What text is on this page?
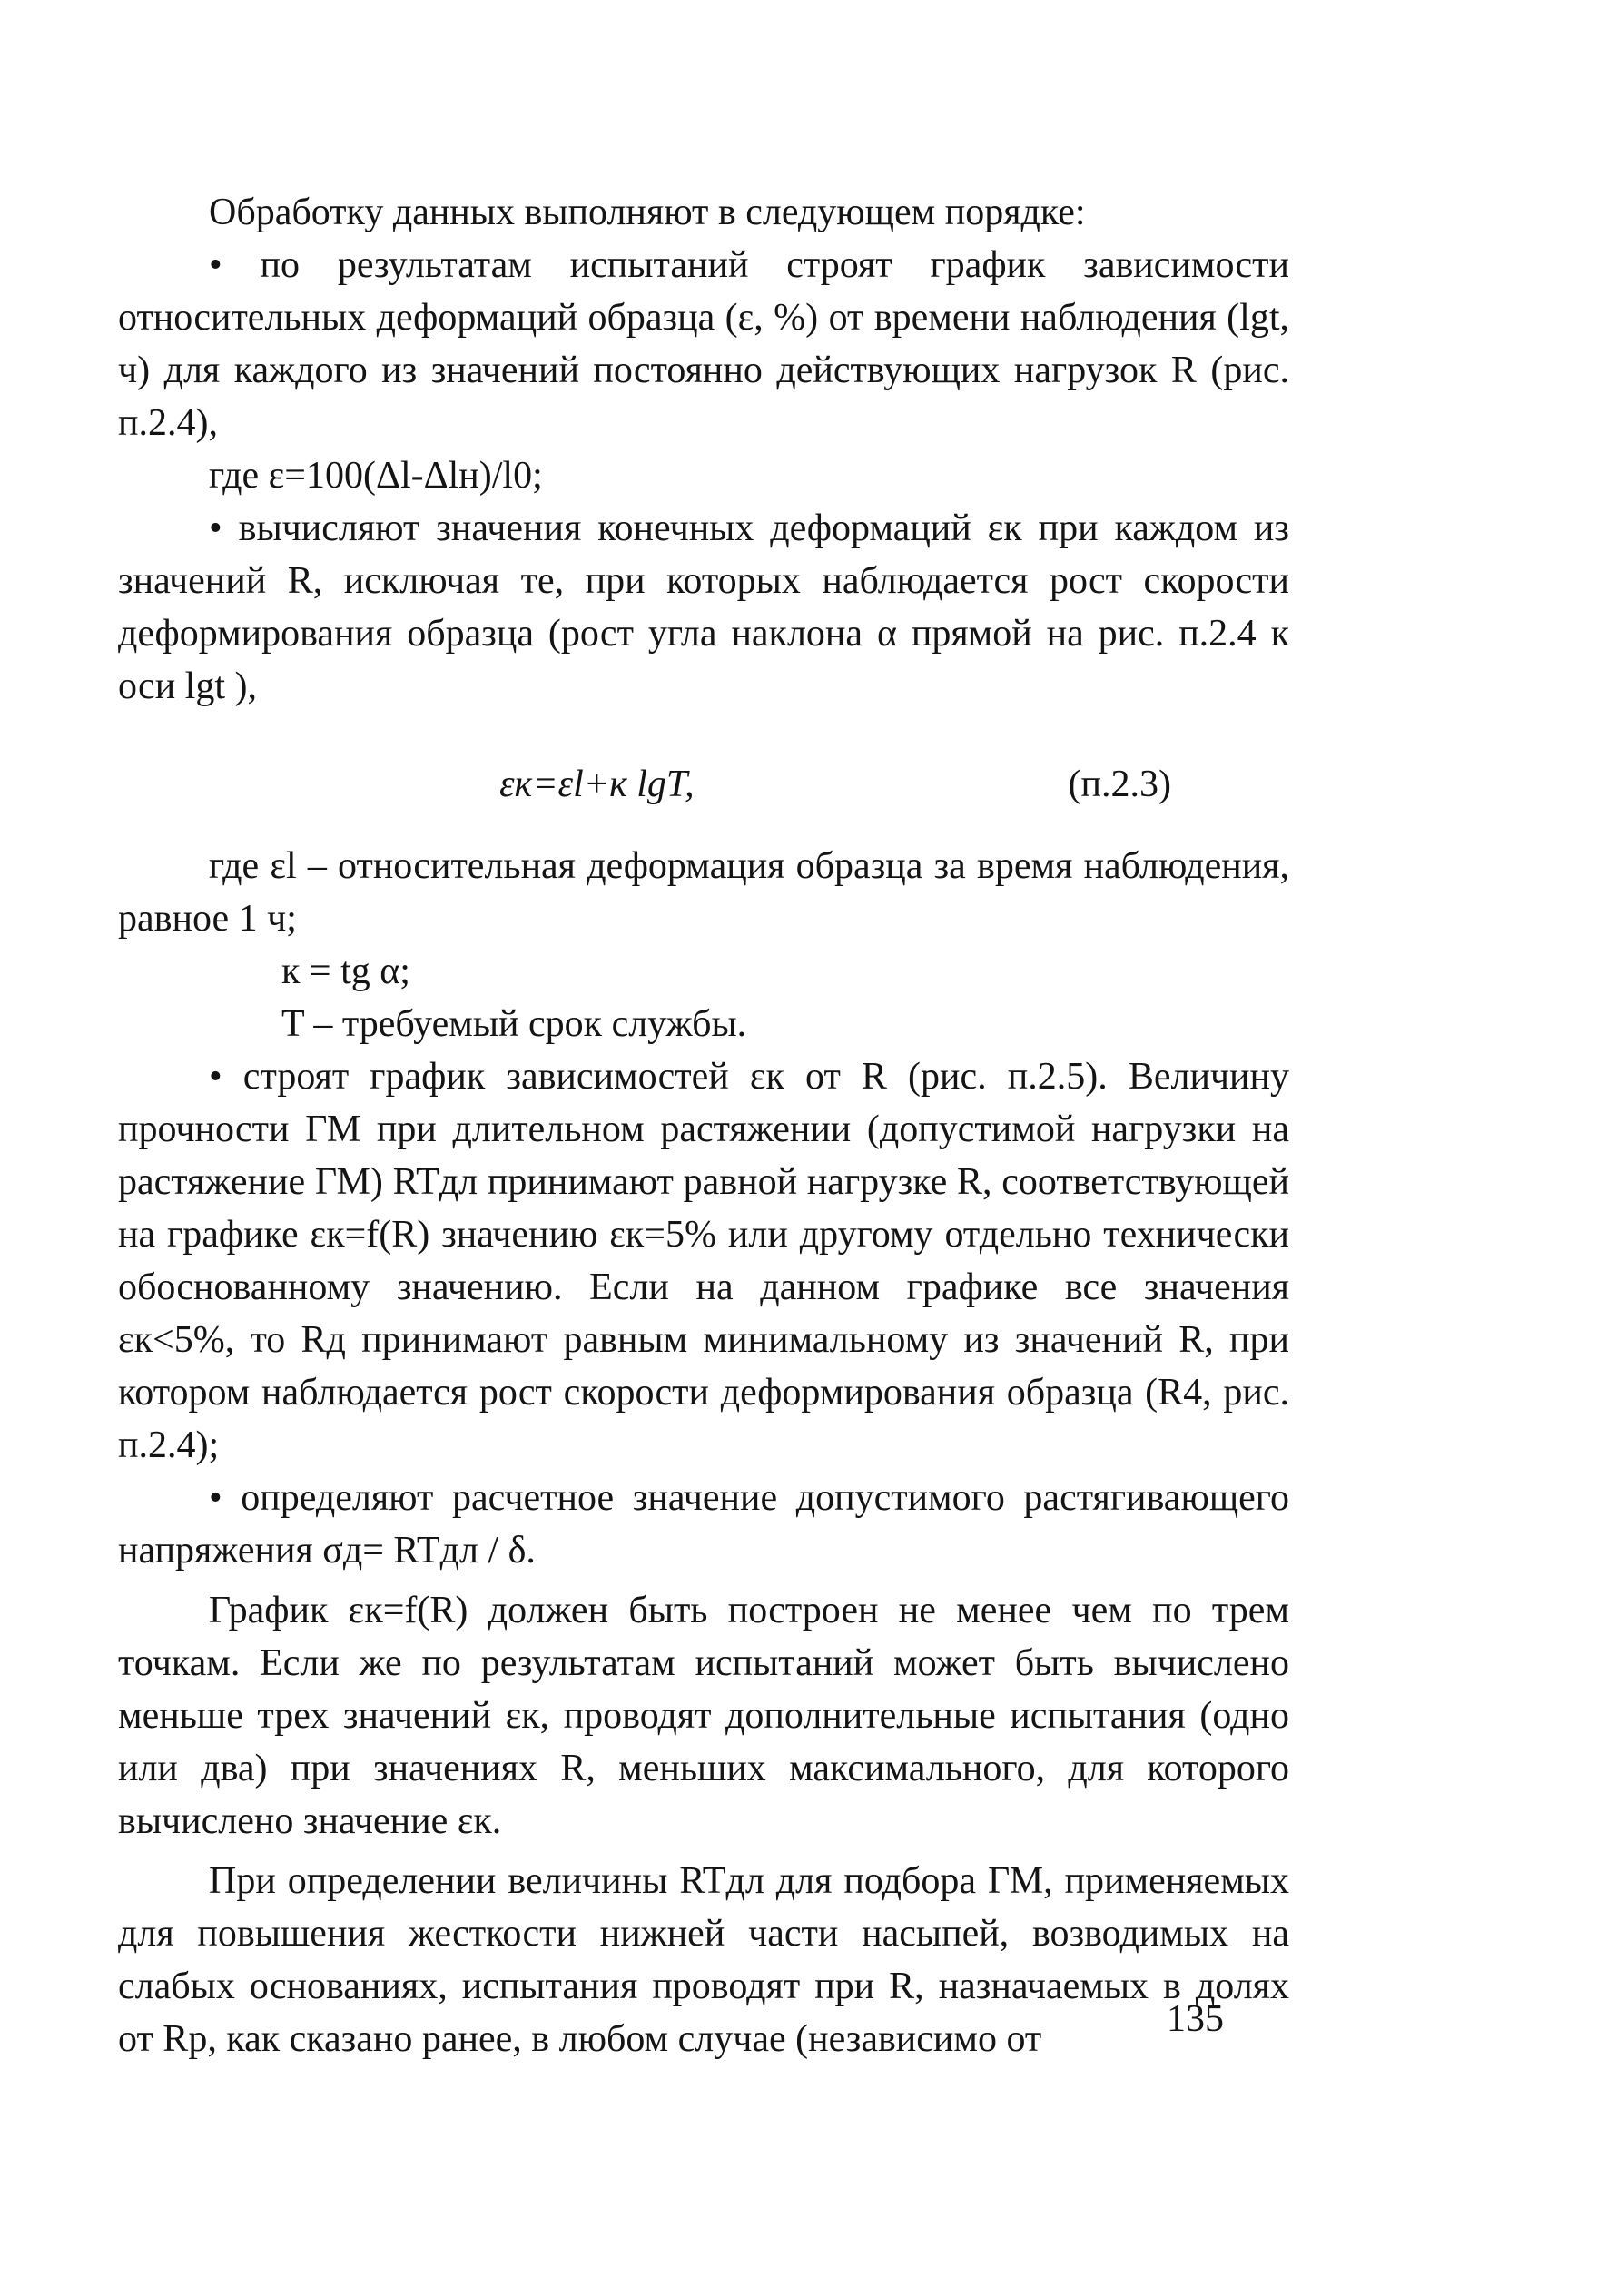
Обработку данных выполняют в следующем порядке:

• по результатам испытаний строят график зависимости относительных деформаций образца (ε, %) от времени наблюдения (lgt, ч) для каждого из значений постоянно действующих нагрузок R (рис. п.2.4),

где ε=100(Δl-Δlн)/l0;

• вычисляют значения конечных деформаций εк при каждом из значений R, исключая те, при которых наблюдается рост скорости деформирования образца (рост угла наклона α прямой на рис. п.2.4 к оси lgt ),

εк=εl+к lgT,	(п.2.3)

где εl – относительная деформация образца за время наблюдения, равное 1 ч;

к = tg α;

T – требуемый срок службы.

• строят график зависимостей εк от R (рис. п.2.5). Величину прочности ГМ при длительном растяжении (допустимой нагрузки на растяжение ГМ) RTдл принимают равной нагрузке R, соответствующей на графике εк=f(R) значению εк=5% или другому отдельно технически обоснованному значению. Если на данном графике все значения εк<5%, то Rд принимают равным минимальному из значений R, при котором наблюдается рост скорости деформирования образца (R4, рис. п.2.4);

• определяют расчетное значение допустимого растягивающего напряжения σд= RTдл / δ.

График εк=f(R) должен быть построен не менее чем по трем точкам. Если же по результатам испытаний может быть вычислено меньше трех значений εк, проводят дополнительные испытания (одно или два) при значениях R, меньших максимального, для которого вычислено значение εк.

При определении величины RTдл для подбора ГМ, применяемых для повышения жесткости нижней части насыпей, возводимых на слабых основаниях, испытания проводят при R, назначаемых в долях от Rр, как сказано ранее, в любом случае (независимо от	135
